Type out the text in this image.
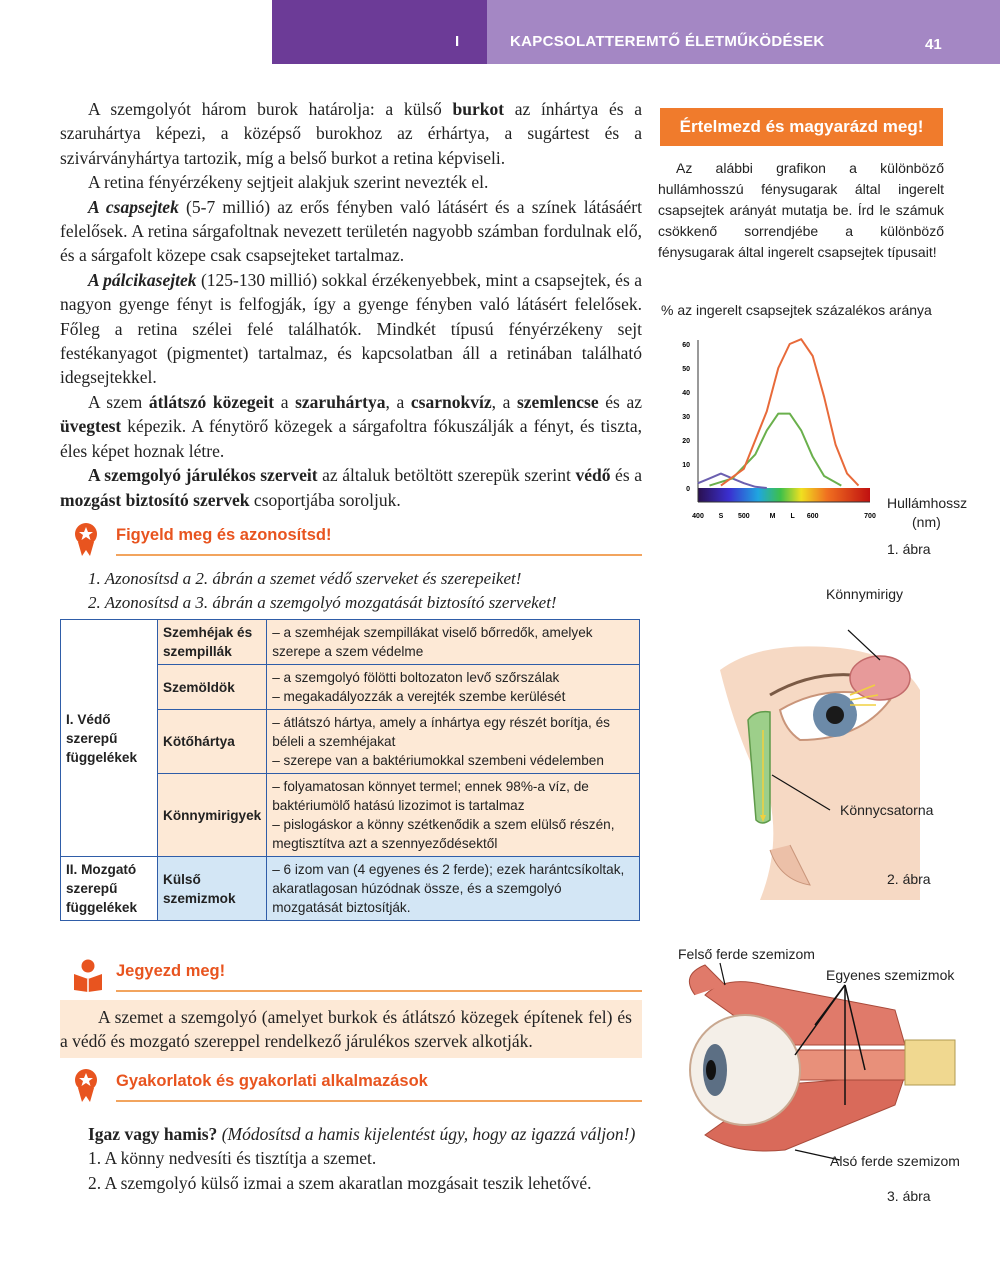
I	KAPCSOLATTEREMTŐ ÉLETMŰKÖDÉSEK	41

A szemgolyót három burok határolja: a külső burkot az ínhártya és a szaruhártya képezi, a középső burokhoz az érhártya, a sugártest és a szivárványhártya tartozik, míg a belső burkot a retina képviseli.

A retina fényérzékeny sejtjeit alakjuk szerint nevezték el.

A csapsejtek (5-7 millió) az erős fényben való látásért és a színek látásáért felelősek. A retina sárgafoltnak nevezett területén nagyobb számban fordulnak elő, és a sárgafolt közepe csak csapsejteket tartalmaz.

A pálcikasejtek (125-130 millió) sokkal érzékenyebbek, mint a csapsejtek, és a nagyon gyenge fényt is felfogják, így a gyenge fényben való látásért felelősek. Főleg a retina szélei felé találhatók. Mindkét típusú fényérzékeny sejt festékanyagot (pigmentet) tartalmaz, és kapcsolatban áll a retinában található idegsejtekkel.

A szem átlátszó közegeit a szaruhártya, a csarnokvíz, a szemlencse és az üvegtest képezik. A fénytörő közegek a sárgafoltra fókuszálják a fényt, és tiszta, éles képet hoznak létre.

A szemgolyó járulékos szerveit az általuk betöltött szerepük szerint védő és a mozgást biztosító szervek csoportjába soroljuk.

Figyeld meg és azonosítsd!
1. Azonosítsd a 2. ábrán a szemet védő szerveket és szerepeiket!
2. Azonosítsd a 3. ábrán a szemgolyó mozgatását biztosító szerveket!
I. Védő szerepű függelékek	Szemhéjak és szempillák	– a szemhéjak szempillákat viselő bőrredők, amelyek szerepe a szem védelme

	Szemöldök	– a szemgolyó fölötti boltozaton levő szőrszálak
– megakadályozzák a verejték szembe kerülését

	Kötőhártya	– átlátszó hártya, amely a ínhártya egy részét borítja, és béleli a szemhéjakat
– szerepe van a baktériumokkal szembeni védelemben

	Könnymirigyek	– folyamatosan könnyet termel; ennek 98%-a víz, de baktériumölő hatású lizozimot is tartalmaz
– pislogáskor a könny szétkenődik a szem elülső részén, megtisztítva azt a szennyeződésektől

II. Mozgató szerepű függelékek	Külső szemizmok	– 6 izom van (4 egyenes és 2 ferde); ezek harántcsíkoltak, akaratlagosan húzódnak össze, és a szemgolyó mozgatását biztosítják.
Jegyezd meg!

A szemet a szemgolyó (amelyet burkok és átlátszó közegek építenek fel) és a védő és mozgató szereppel rendelkező járulékos szervek alkotják.

Gyakorlatok és gyakorlati alkalmazások

Igaz vagy hamis? (Módosítsd a hamis kijelentést úgy, hogy az igazzá váljon!)

1. A könny nedvesíti és tisztítja a szemet.

2. A szemgolyó külső izmai a szem akaratlan mozgásait teszik lehetővé.

Értelmezd és magyarázd meg!
Az alábbi grafikon a különböző hullámhosszú fénysugarak által ingerelt csapsejtek arányát mutatja be. Írd le számuk csökkenő sorrendjébe a különböző fénysugarak által ingerelt csapsejtek típusait!
% az ingerelt csapsejtek százalékos aránya
0
10
20
30
40
50
60
400 S 500	M L 600	700
Hullámhossz
(nm)
1. ábra
Könnymirigy
Könnycsatorna
2. ábra
Felső ferde szemizom
Egyenes szemizmok
Alsó ferde szemizom
3. ábra
